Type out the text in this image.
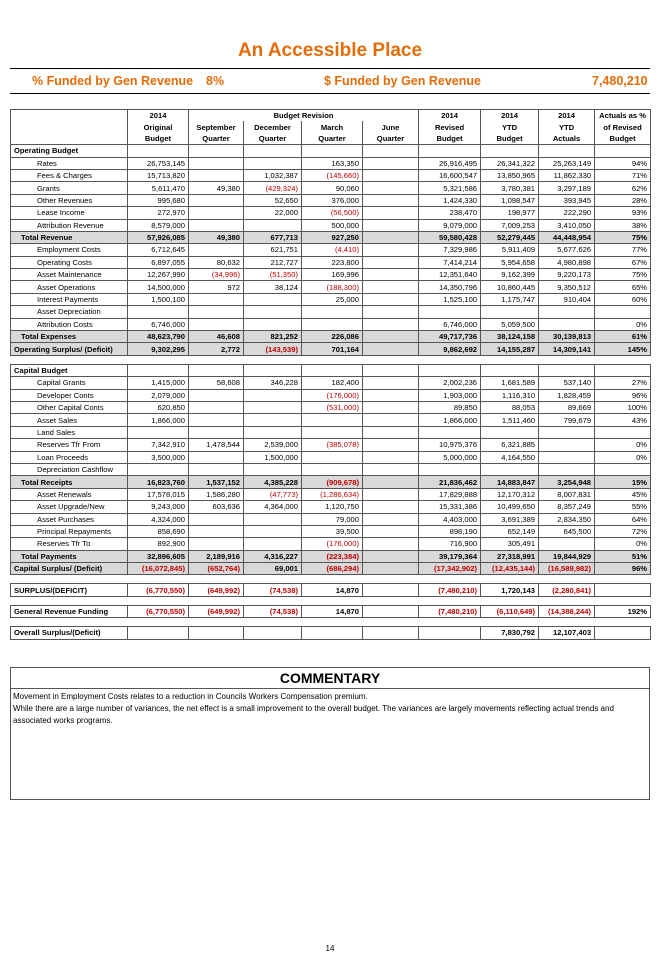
An Accessible Place
% Funded by Gen Revenue 8%	$ Funded by Gen Revenue	7,480,210
	2014	Budget Revision				2014	2014	2014	Actuals as %
	Original	September	December	March	June	Revised	YTD	YTD	of Revised
	Budget	Quarter	Quarter	Quarter	Quarter	Budget	Budget	Actuals	Budget
Operating Budget									
Rates	26,753,145			163,350		26,916,495	26,341,322	25,263,149	94%
Fees & Charges	15,713,820		1,032,387	(145,660)		16,600,547	13,850,965	11,862,330	71%
Grants	5,611,470	49,380	(429,324)	90,060		5,321,586	3,780,381	3,297,189	62%
Other Revenues	995,680		52,650	376,000		1,424,330	1,098,547	393,945	28%
Lease Income	272,970		22,000	(56,500)		238,470	198,977	222,290	93%
Attribution Revenue	8,579,000			500,000		9,079,000	7,009,253	3,410,050	38%
Total Revenue	57,926,085	49,380	677,713	927,250		59,580,428	52,279,445	44,448,954	75%
Employment Costs	6,712,645		621,751	(4,410)		7,329,986	5,911,409	5,677,626	77%
Operating Costs	6,897,055	80,632	212,727	223,800		7,414,214	5,954,658	4,980,898	67%
Asset Maintenance	12,267,990	(34,996)	(51,350)	169,996		12,351,640	9,162,399	9,220,173	75%
Asset Operations	14,500,000	972	38,124	(188,300)		14,350,796	10,860,445	9,350,512	65%
Interest Payments	1,500,100			25,000		1,525,100	1,175,747	910,404	60%
Asset Depreciation									
Attribution Costs	6,746,000					6,746,000	5,059,500		0%
Total Expenses	48,623,790	46,608	821,252	226,086		49,717,736	38,124,158	30,139,813	61%
Operating Surplus/ (Deficit)	9,302,295	2,772	(143,539)	701,164		9,862,692	14,155,287	14,309,141	145%

Capital Budget									
Capital Grants	1,415,000	58,608	346,228	182,400		2,002,236	1,681,589	537,140	27%
Developer Conts	2,079,000			(176,000)		1,903,000	1,116,310	1,828,459	96%
Other Capital Conts	620,850			(531,000)		89,850	88,053	89,669	100%
Asset Sales	1,866,000					1,866,000	1,511,460	799,679	43%
Land Sales									
Reserves Tfr From	7,342,910	1,478,544	2,539,000	(385,078)		10,975,376	6,321,885		0%
Loan Proceeds	3,500,000		1,500,000			5,000,000	4,164,550		0%
Depreciation Cashflow									
Total Receipts	16,823,760	1,537,152	4,385,228	(909,678)		21,836,462	14,883,847	3,254,948	15%
Asset Renewals	17,578,015	1,586,280	(47,773)	(1,286,634)		17,829,888	12,170,312	8,007,831	45%
Asset Upgrade/New	9,243,000	603,636	4,364,000	1,120,750		15,331,386	10,499,650	8,357,249	55%
Asset Purchases	4,324,000			79,000		4,403,000	3,691,389	2,834,350	64%
Principal Repayments	858,690			39,500		898,190	652,149	645,500	72%
Reserves Tfr To	892,900			(176,000)		716,900	305,491		0%
Total Payments	32,896,605	2,189,916	4,316,227	(223,384)		39,179,364	27,318,991	19,844,929	51%
Capital Surplus/ (Deficit)	(16,072,845)	(652,764)	69,001	(686,294)		(17,342,902)	(12,435,144)	(16,589,982)	96%

SURPLUS/(DEFICIT)	(6,770,550)	(649,992)	(74,538)	14,870		(7,480,210)	1,720,143	(2,280,841)	

General Revenue Funding	(6,770,550)	(649,992)	(74,538)	14,870		(7,480,210)	(6,110,649)	(14,388,244)	192%

Overall Surplus/(Deficit)							7,830,792	12,107,403	
COMMENTARY
Movement in Employment Costs relates to a reduction in Councils Workers Compensation premium.
While there are a large number of variances, the net effect is a small improvement to the overall budget. The variances are largely movements reflecting actual trends and associated works programs.
14
